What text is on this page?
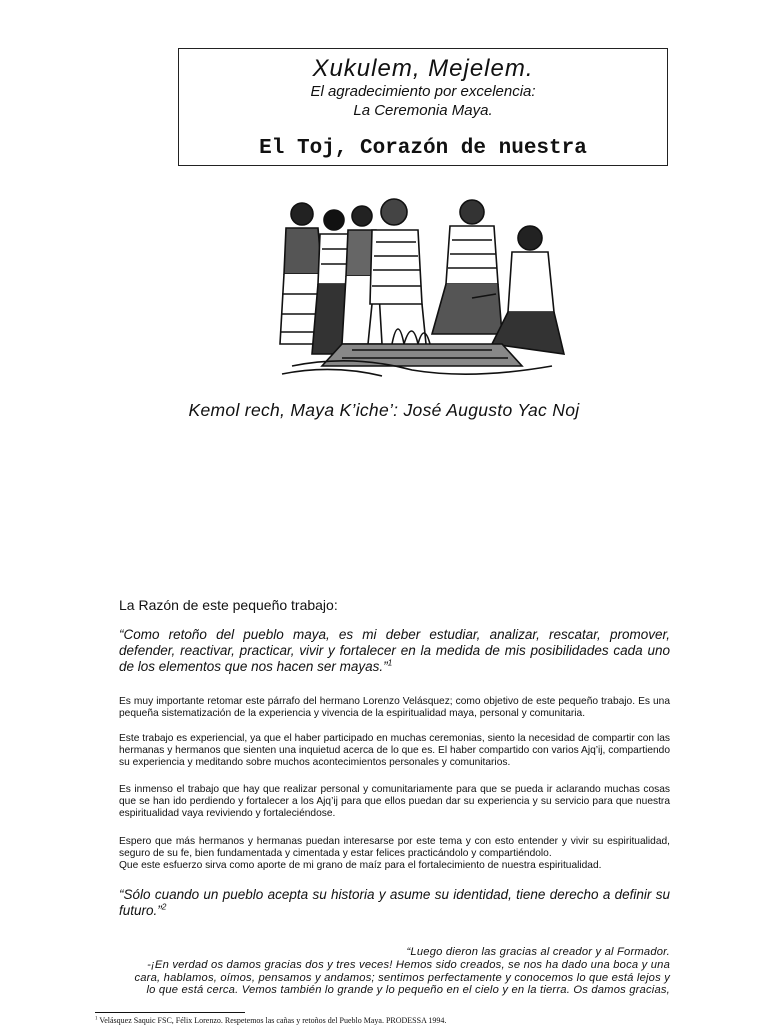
Xukulem, Mejelem.
El agradecimiento por excelencia:
La Ceremonia Maya.
El Toj, Corazón de nuestra
Kemol rech, Maya K’iche’: José Augusto Yac Noj

La Razón de este pequeño trabajo:

“Como retoño del pueblo maya, es mi deber estudiar, analizar, rescatar, promover, defender, reactivar, practicar, vivir y fortalecer en la medida de mis posibilidades cada uno de los elementos que nos hacen ser mayas.”$^1$

Es muy importante retomar este párrafo del hermano Lorenzo Velásquez; como objetivo de este pequeño trabajo. Es una pequeña sistematización de la experiencia y vivencia de la espiritualidad maya, personal y comunitaria.

Este trabajo es experiencial, ya que el haber participado en muchas ceremonias, siento la necesidad de compartir con las hermanas y hermanos que sienten una inquietud acerca de lo que es. El haber compartido con varios Ajq’ij, compartiendo su experiencia y meditando sobre muchos acontecimientos personales y comunitarios.

Es inmenso el trabajo que hay que realizar personal y comunitariamente para que se pueda ir aclarando muchas cosas que se han ido perdiendo y fortalecer a los Ajq’ij para que ellos puedan dar su experiencia y su servicio para que nuestra espiritualidad vaya reviviendo y fortaleciéndose.

Espero que más hermanos y hermanas puedan interesarse por este tema y con esto entender y vivir su espiritualidad, seguro de su fe, bien fundamentada y cimentada y estar felices practicándolo y compartiéndolo.
Que este esfuerzo sirva como aporte de mi grano de maíz para el fortalecimiento de nuestra espiritualidad.

“Sólo cuando un pueblo acepta su historia y asume su identidad, tiene derecho a definir su futuro.”$^2$

“Luego dieron las gracias al creador y al Formador.
-¡En verdad os damos gracias dos y tres veces! Hemos sido creados, se nos ha dado una boca y una
cara, hablamos, oímos, pensamos y andamos; sentimos perfectamente y conocemos lo que está lejos y
lo que está cerca. Vemos también lo grande y lo pequeño en el cielo y en la tierra. Os damos gracias,
$^1$ Velásquez Saquic FSC, Félix Lorenzo. Respetemos las cañas y retoños del Pueblo Maya. PRODESSA 1994.
